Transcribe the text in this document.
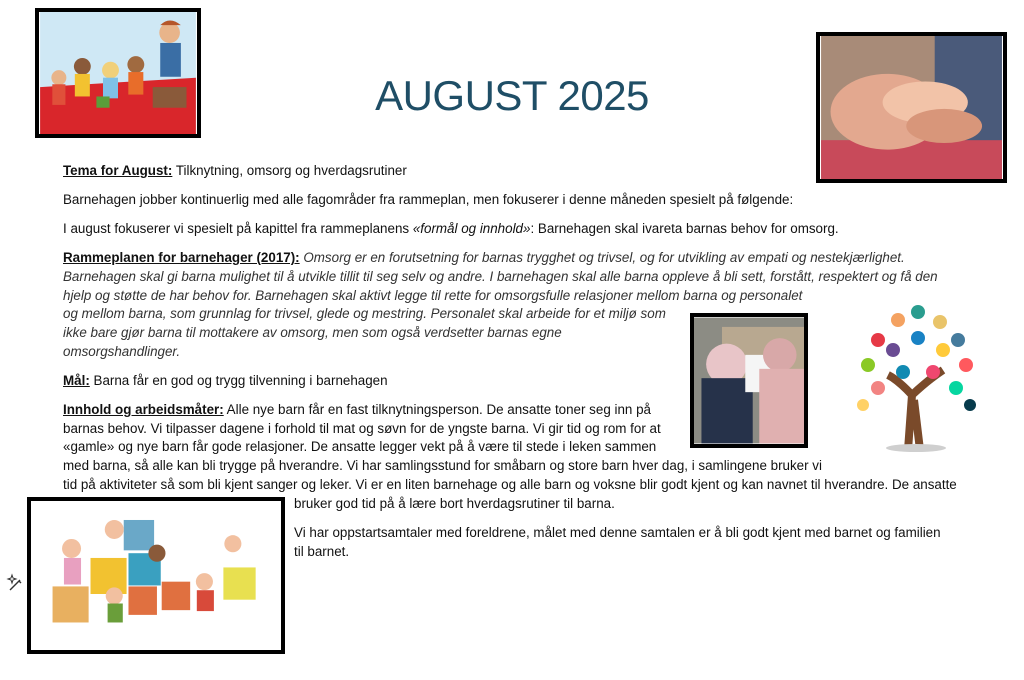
AUGUST 2025
Tema for August: Tilknytning, omsorg og hverdagsrutiner
Barnehagen jobber kontinuerlig med alle fagområder fra rammeplan, men fokuserer i denne måneden spesielt på følgende:
I august fokuserer vi spesielt på kapittel fra rammeplanens «formål og innhold»: Barnehagen skal ivareta barnas behov for omsorg.
Rammeplanen for barnehager (2017): Omsorg er en forutsetning for barnas trygghet og trivsel, og for utvikling av empati og nestekjærlighet.
Barnehagen skal gi barna mulighet til å utvikle tillit til seg selv og andre. I barnehagen skal alle barna oppleve å bli sett, forstått, respektert og få den
hjelp og støtte de har behov for. Barnehagen skal aktivt legge til rette for omsorgsfulle relasjoner mellom barna og personalet
og mellom barna, som grunnlag for trivsel, glede og mestring. Personalet skal arbeide for et miljø som
ikke bare gjør barna til mottakere av omsorg, men som også verdsetter barnas egne
omsorgshandlinger.
Mål: Barna får en god og trygg tilvenning i barnehagen
Innhold og arbeidsmåter: Alle nye barn får en fast tilknytningsperson. De ansatte toner seg inn på
barnas behov. Vi tilpasser dagene i forhold til mat og søvn for de yngste barna. Vi gir tid og rom for at
«gamle» og nye barn får gode relasjoner. De ansatte legger vekt på å være til stede i leken sammen
med barna, så alle kan bli trygge på hverandre. Vi har samlingsstund for småbarn og store barn hver dag, i samlingene bruker vi
tid på aktiviteter så som bli kjent sanger og leker. Vi er en liten barnehage og alle barn og voksne blir godt kjent og kan navnet til hverandre. De ansatte
bruker god tid på å lære bort hverdagsrutiner til barna.
Vi har oppstartsamtaler med foreldrene, målet med denne samtalen er å bli godt kjent med barnet og familien
til barnet.
